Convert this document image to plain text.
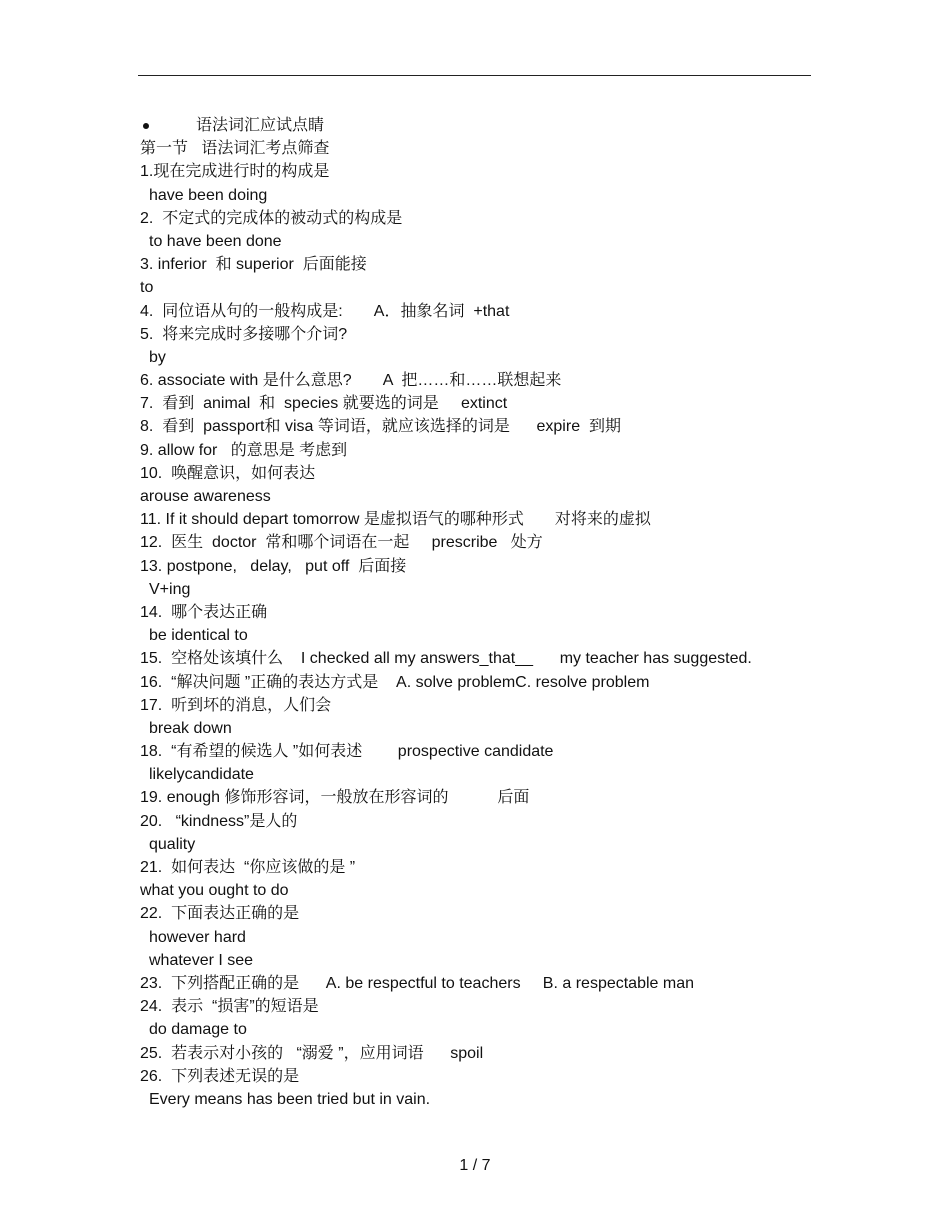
语法词汇应试点睛
第一节   语法词汇考点筛查
1.现在完成进行时的构成是
have been doing
2.  不定式的完成体的被动式的构成是
to have been done
3. inferior  和 superior  后面能接
to
4.  同位语从句的一般构成是:       A．抽象名词  +that
5.  将来完成时多接哪个介词?
by
6. associate with 是什么意思?       A  把……和……联想起来
7.  看到  animal  和  species 就要选的词是     extinct
8.  看到  passport和 visa 等词语，就应该选择的词是      expire  到期
9. allow for   的意思是 考虑到
10.  唤醒意识，如何表达
arouse awareness
11. If it should depart tomorrow 是虚拟语气的哪种形式       对将来的虚拟
12.  医生  doctor  常和哪个词语在一起     prescribe   处方
13. postpone,   delay,   put off  后面接
V+ing
14.  哪个表达正确
be identical to
15.  空格处该填什么    I checked all my answers_that__      my teacher has suggested.
16.  “解决问题 ”正确的表达方式是    A. solve problemC. resolve problem
17.  听到坏的消息，人们会
break down
18.  “有希望的候选人 ”如何表述        prospective candidate
likelycandidate
19. enough 修饰形容词，一般放在形容词的           后面
20.   “kindness”是人的
quality
21.  如何表达  “你应该做的是 ”
what you ought to do
22.  下面表达正确的是
however hard
whatever I see
23.  下列搭配正确的是      A. be respectful to teachers     B. a respectable man
24.  表示  “损害”的短语是
do damage to
25.  若表示对小孩的   “溺爱 ”，应用词语      spoil
26.  下列表述无误的是
Every means has been tried but in vain.
1 / 7
